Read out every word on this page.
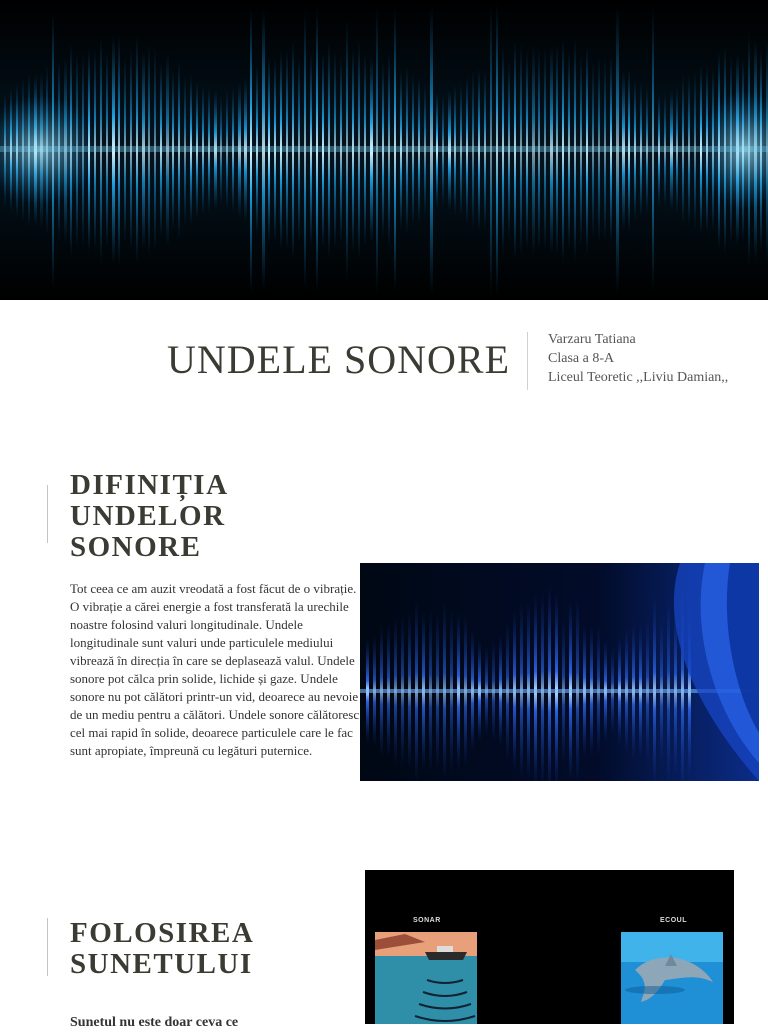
UNDELE SONORE	Varzaru Tatiana
Clasa a 8-A
Liceul Teoretic ,,Liviu Damian,,
DIFINIȚIA
UNDELOR
SONORE
Tot ceea ce am auzit vreodată a fost făcut de o vibrație. O vibrație a cărei energie a fost transferată la urechile noastre folosind valuri longitudinale. Undele longitudinale sunt valuri unde particulele mediului vibrează în direcția în care se deplasează valul. Undele sonore pot călca prin solide, lichide și gaze. Undele sonore nu pot călători printr-un vid, deoarece au nevoie de un mediu pentru a călători. Undele sonore călătoresc cel mai rapid în solide, deoarece particulele care le fac sunt apropiate, împreună cu legături puternice.
FOLOSIREA
SUNETULUI
Sunetul nu este doar ceva ce
SONAR	ECOUL
